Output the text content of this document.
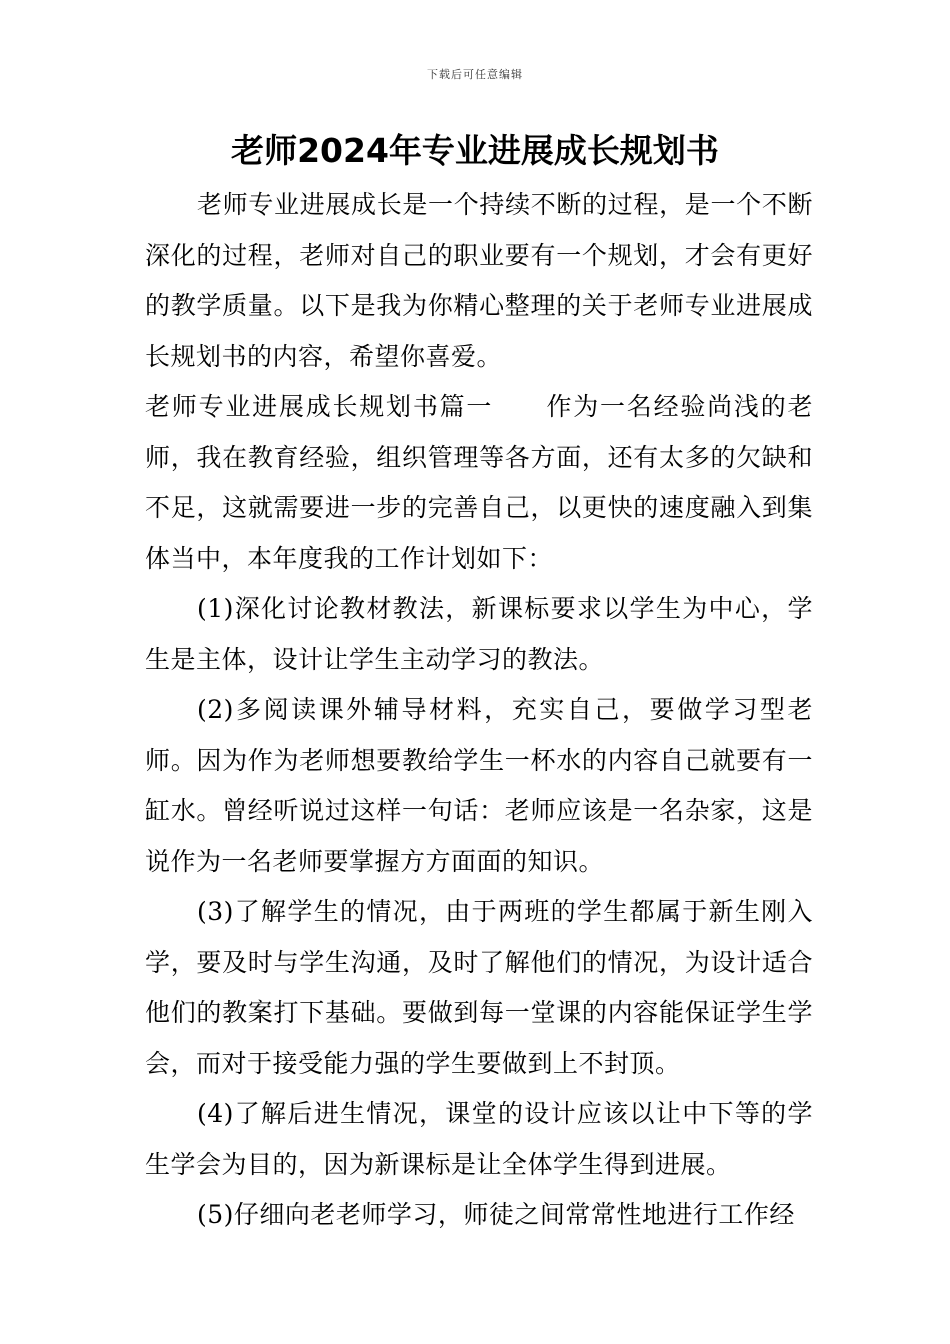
下载后可任意编辑
老师2024年专业进展成长规划书

老师专业进展成长是一个持续不断的过程，是一个不断深化的过程，老师对自己的职业要有一个规划，才会有更好的教学质量。以下是我为你精心整理的关于老师专业进展成长规划书的内容，希望你喜爱。

老师专业进展成长规划书篇一 作为一名经验尚浅的老师，我在教育经验，组织管理等各方面，还有太多的欠缺和不足，这就需要进一步的完善自己，以更快的速度融入到集体当中，本年度我的工作计划如下：

(1)深化讨论教材教法，新课标要求以学生为中心，学生是主体，设计让学生主动学习的教法。

(2)多阅读课外辅导材料，充实自己，要做学习型老师。因为作为老师想要教给学生一杯水的内容自己就要有一缸水。曾经听说过这样一句话：老师应该是一名杂家，这是说作为一名老师要掌握方方面面的知识。

(3)了解学生的情况，由于两班的学生都属于新生刚入学，要及时与学生沟通，及时了解他们的情况，为设计适合他们的教案打下基础。要做到每一堂课的内容能保证学生学会，而对于接受能力强的学生要做到上不封顶。

(4)了解后进生情况，课堂的设计应该以让中下等的学生学会为目的，因为新课标是让全体学生得到进展。

(5)仔细向老老师学习，师徒之间常常性地进行工作经
